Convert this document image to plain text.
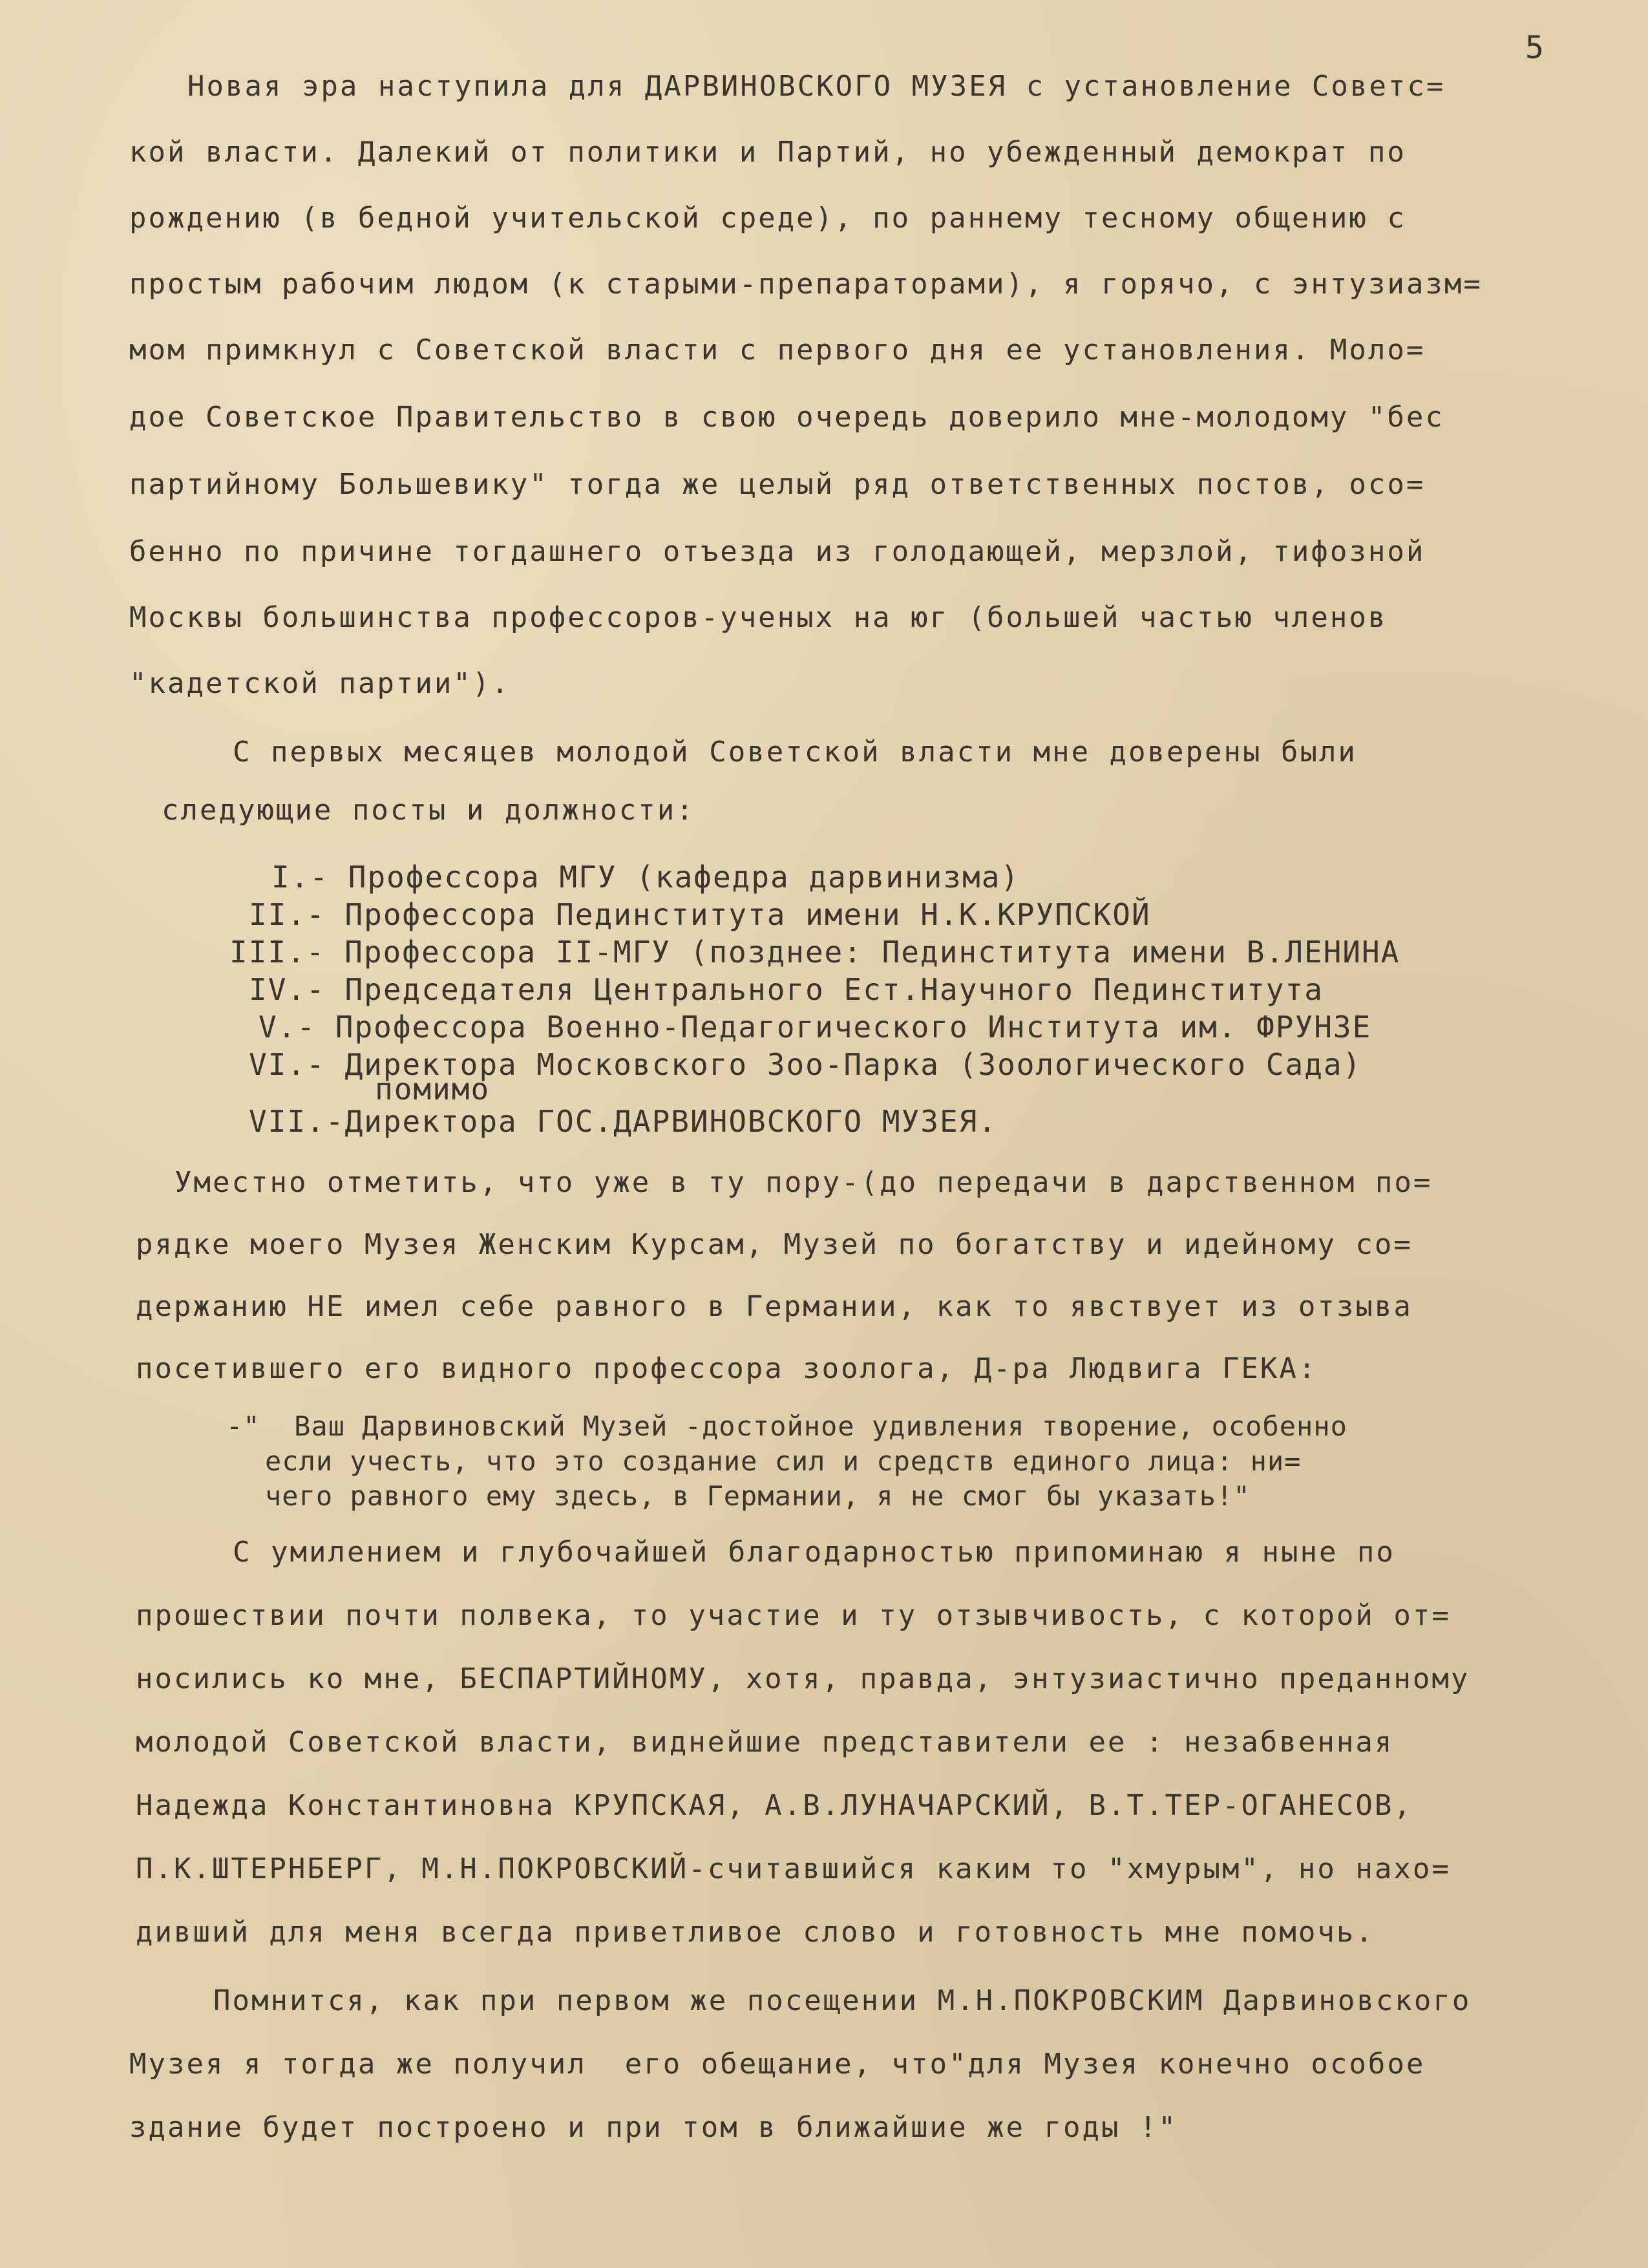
5
Новая эра наступила для ДАРВИНОВСКОГО МУЗЕЯ с установление Советс=
кой власти. Далекий от политики и Партий, но убежденный демократ по
рождению (в бедной учительской среде), по раннему тесному общению с
простым рабочим людом (к старыми-препараторами), я горячо, с энтузиазм=
мом примкнул с Советской власти с первого дня ее установления. Моло=
дое Советское Правительство в свою очередь доверило мне-молодому "бес
партийному Большевику" тогда же целый ряд ответственных постов, осо=
бенно по причине тогдашнего отъезда из голодающей, мерзлой, тифозной
Москвы большинства профессоров-ученых на юг (большей частью членов
"кадетской партии").
С первых месяцев молодой Советской власти мне доверены были
следующие посты и должности:
I.- Профессора МГУ (кафедра дарвинизма)
II.- Профессора Пединститута имени Н.К.КРУПСКОЙ
III.- Профессора II-МГУ (позднее: Пединститута имени В.ЛЕНИНА
IV.- Председателя Центрального Ест.Научного Пединститута
V.- Профессора Военно-Педагогического Института им. ФРУНЗЕ
VI.- Директора Московского Зоо-Парка (Зоологического Сада)
помимо
VII.-Директора ГОС.ДАРВИНОВСКОГО МУЗЕЯ.
Уместно отметить, что уже в ту пору-(до передачи в дарственном по=
рядке моего Музея Женским Курсам, Музей по богатству и идейному со=
держанию НЕ имел себе равного в Германии, как то явствует из отзыва
посетившего его видного профессора зоолога, Д-ра Людвига ГЕКА:
-"  Ваш Дарвиновский Музей -достойное удивления творение, особенно
если учесть, что это создание сил и средств единого лица: ни=
чего равного ему здесь, в Германии, я не смог бы указать!"
С умилением и глубочайшей благодарностью припоминаю я ныне по
прошествии почти полвека, то участие и ту отзывчивость, с которой от=
носились ко мне, БЕСПАРТИЙНОМУ, хотя, правда, энтузиастично преданному
молодой Советской власти, виднейшие представители ее : незабвенная
Надежда Константиновна КРУПСКАЯ, А.В.ЛУНАЧАРСКИЙ, В.Т.ТЕР-ОГАНЕСОВ,
П.К.ШТЕРНБЕРГ, М.Н.ПОКРОВСКИЙ-считавшийся каким то "хмурым", но нахо=
дивший для меня всегда приветливое слово и готовность мне помочь.
Помнится, как при первом же посещении М.Н.ПОКРОВСКИМ Дарвиновского
Музея я тогда же получил  его обещание, что"для Музея конечно особое
здание будет построено и при том в ближайшие же годы !"
